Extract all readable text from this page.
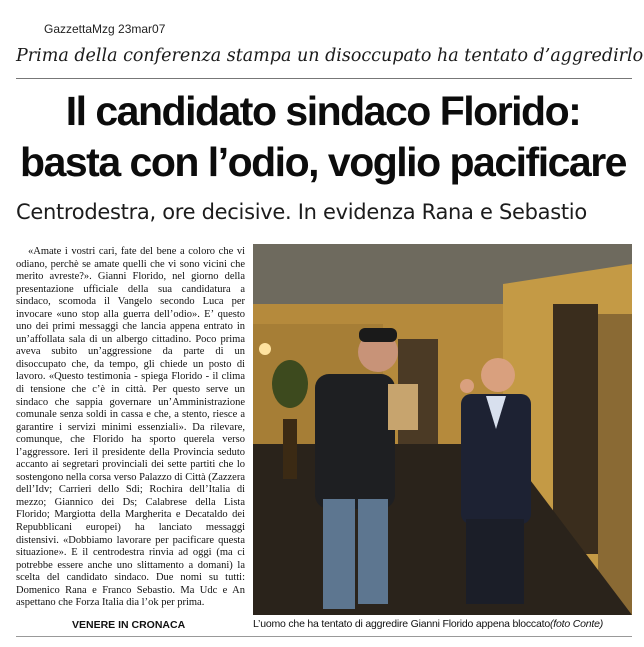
GazzettaMzg 23mar07
Prima della conferenza stampa un disoccupato ha tentato d’aggredirlo
Il candidato sindaco Florido:
basta con l’odio, voglio pacificare
Centrodestra, ore decisive. In evidenza Rana e Sebastio

«Amate i vostri cari, fate del bene a coloro che vi odiano, perchè se amate quelli che vi sono vicini che merito avreste?». Gianni Florido, nel giorno della presentazione ufficiale della sua candidatura a sindaco, scomoda il Vangelo secondo Luca per invocare «uno stop alla guerra dell’odio». E’ questo uno dei primi messaggi che lancia appena entrato in un’affollata sala di un albergo cittadino. Poco prima aveva subito un’aggressione da parte di un disoccupato che, da tempo, gli chiede un posto di lavoro. «Questo testimonia - spiega Florido - il clima di tensione che c’è in città. Per questo serve un sindaco che sappia governare un’Amministrazione comunale senza soldi in cassa e che, a stento, riesce a garantire i servizi minimi essenziali». Da rilevare, comunque, che Florido ha sporto querela verso l’aggressore. Ieri il presidente della Provincia seduto accanto ai segretari provinciali dei sette partiti che lo sostengono nella corsa verso Palazzo di Città (Zazzera dell’Idv; Carrieri dello Sdi; Rochira dell’Italia di mezzo; Giannico dei Ds; Calabrese della Lista Florido; Margiotta della Margherita e Decataldo dei Repubblicani europei) ha lanciato messaggi distensivi. «Dobbiamo lavorare per pacificare questa situazione». E il centrodestra rinvia ad oggi (ma ci potrebbe essere anche uno slittamento a domani) la scelta del candidato sindaco. Due nomi su tutti: Domenico Rana e Franco Sebastio. Ma Udc e An aspettano che Forza Italia dia l’ok per prima.

VENERE IN CRONACA	L’uomo che ha tentato di aggredire Gianni Florido appena bloccato(foto Conte)
